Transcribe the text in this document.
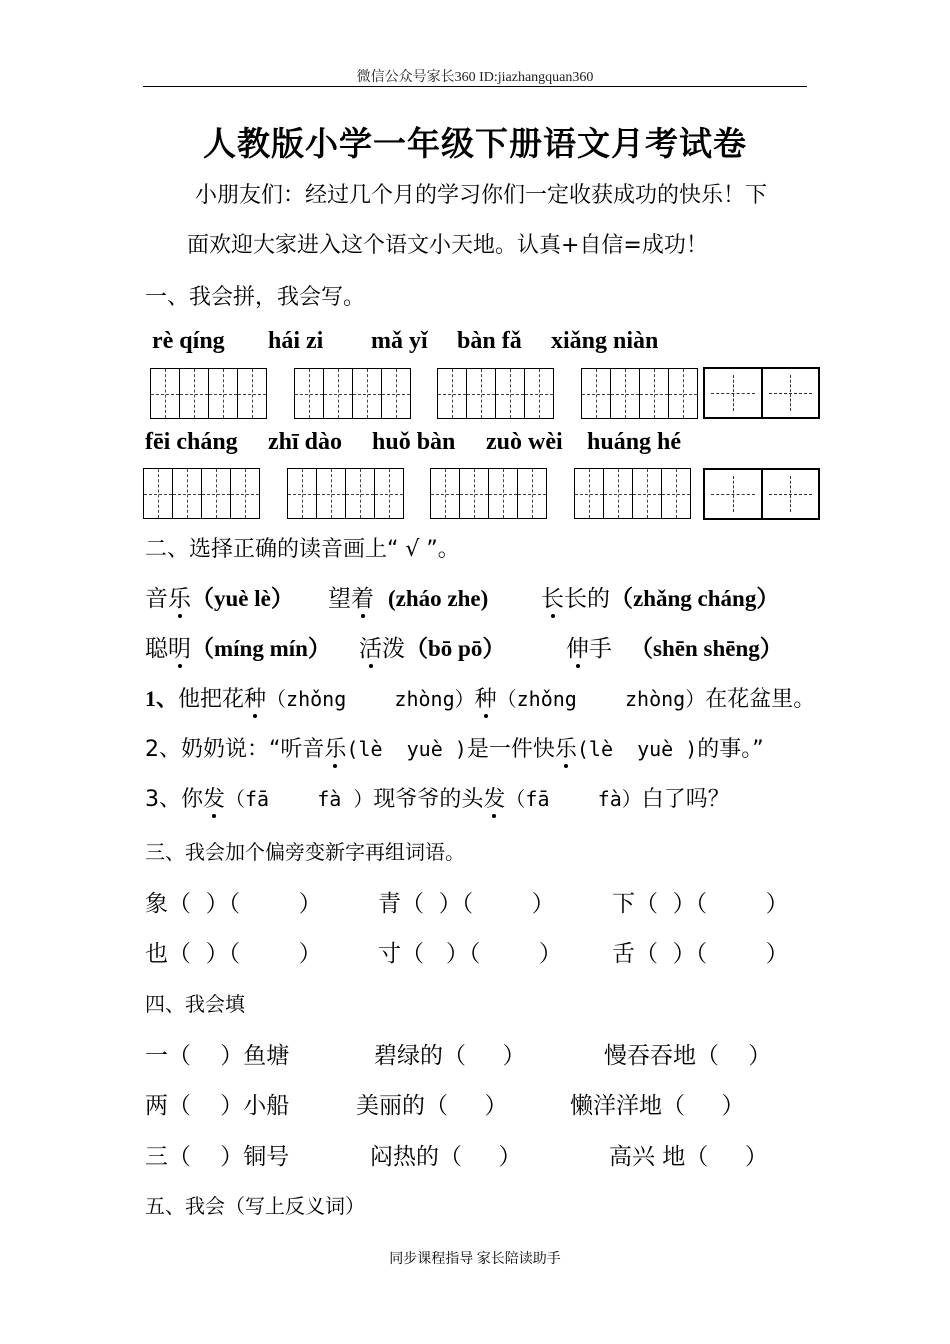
微信公众号家长360 ID:jiazhangquan360
人教版小学一年级下册语文月考试卷
小朋友们：经过几个月的学习你们一定收获成功的快乐！下
面欢迎大家进入这个语文小天地。认真+自信=成功！
一、我会拼，我会写。
rè qíng hái zi mǎ yǐ bàn fǎ xiǎng niàn
fēi cháng zhī dào huǒ bàn zuò wèi huáng hé
二、选择正确的读音画上“ √ ”。
音乐（yuè lè） 望着 (zháo zhe) 长长的（zhǎng cháng）
聪明（míng mín） 活泼（bō pō）	伸手 （shēn shēng）
1、他把花种（zhǒng    zhòng）种（zhǒng    zhòng）在花盆里。
2、奶奶说：“听音乐(lè  yuè )是一件快乐(lè  yuè )的事。”
3、你发（fā    fà ）现爷爷的头发（fā    fà）白了吗？
三、我会加个偏旁变新字再组词语。
象（  ）（        ） 青（  ）（        ） 下（  ）（        ）
也（  ）（        ） 寸（   ）（        ） 舌（  ）（        ）
四、我会填
一（    ）鱼塘	碧绿的（     ）	慢吞吞地（    ）
两（    ）小船	美丽的（     ）	懒洋洋地（     ）
三（    ）铜号	闷热的（     ）	高兴 地（     ）
五、我会（写上反义词）
同步课程指导 家长陪读助手
